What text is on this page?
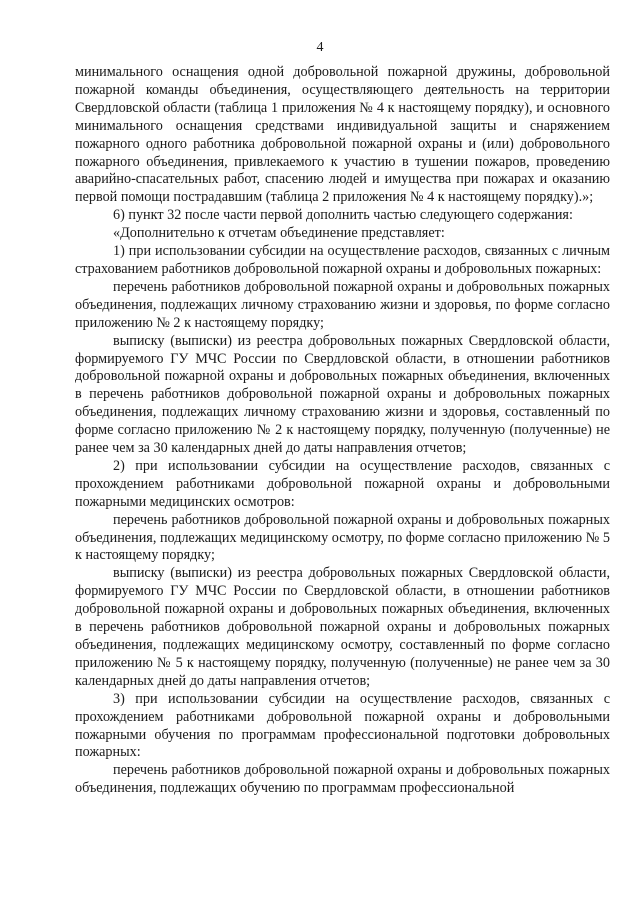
4

минимального оснащения одной добровольной пожарной дружины, добровольной пожарной команды объединения, осуществляющего деятельность на территории Свердловской области (таблица 1 приложения № 4 к настоящему порядку), и основного минимального оснащения средствами индивидуальной защиты и снаряжением пожарного одного работника добровольной пожарной охраны и (или) добровольного пожарного объединения, привлекаемого к участию в тушении пожаров, проведению аварийно-спасательных работ, спасению людей и имущества при пожарах и оказанию первой помощи пострадавшим (таблица 2 приложения № 4 к настоящему порядку).»;

6) пункт 32 после части первой дополнить частью следующего содержания:

«Дополнительно к отчетам объединение представляет:

1) при использовании субсидии на осуществление расходов, связанных с личным страхованием работников добровольной пожарной охраны и добровольных пожарных:

перечень работников добровольной пожарной охраны и добровольных пожарных объединения, подлежащих личному страхованию жизни и здоровья, по форме согласно приложению № 2 к настоящему порядку;

выписку (выписки) из реестра добровольных пожарных Свердловской области, формируемого ГУ МЧС России по Свердловской области, в отношении работников добровольной пожарной охраны и добровольных пожарных объединения, включенных в перечень работников добровольной пожарной охраны и добровольных пожарных объединения, подлежащих личному страхованию жизни и здоровья, составленный по форме согласно приложению № 2 к настоящему порядку, полученную (полученные) не ранее чем за 30 календарных дней до даты направления отчетов;

2) при использовании субсидии на осуществление расходов, связанных с прохождением работниками добровольной пожарной охраны и добровольными пожарными медицинских осмотров:

перечень работников добровольной пожарной охраны и добровольных пожарных объединения, подлежащих медицинскому осмотру, по форме согласно приложению № 5 к настоящему порядку;

выписку (выписки) из реестра добровольных пожарных Свердловской области, формируемого ГУ МЧС России по Свердловской области, в отношении работников добровольной пожарной охраны и добровольных пожарных объединения, включенных в перечень работников добровольной пожарной охраны и добровольных пожарных объединения, подлежащих медицинскому осмотру, составленный по форме согласно приложению № 5 к настоящему порядку, полученную (полученные) не ранее чем за 30 календарных дней до даты направления отчетов;

3) при использовании субсидии на осуществление расходов, связанных с прохождением работниками добровольной пожарной охраны и добровольными пожарными обучения по программам профессиональной подготовки добровольных пожарных:

перечень работников добровольной пожарной охраны и добровольных пожарных объединения, подлежащих обучению по программам профессиональной
